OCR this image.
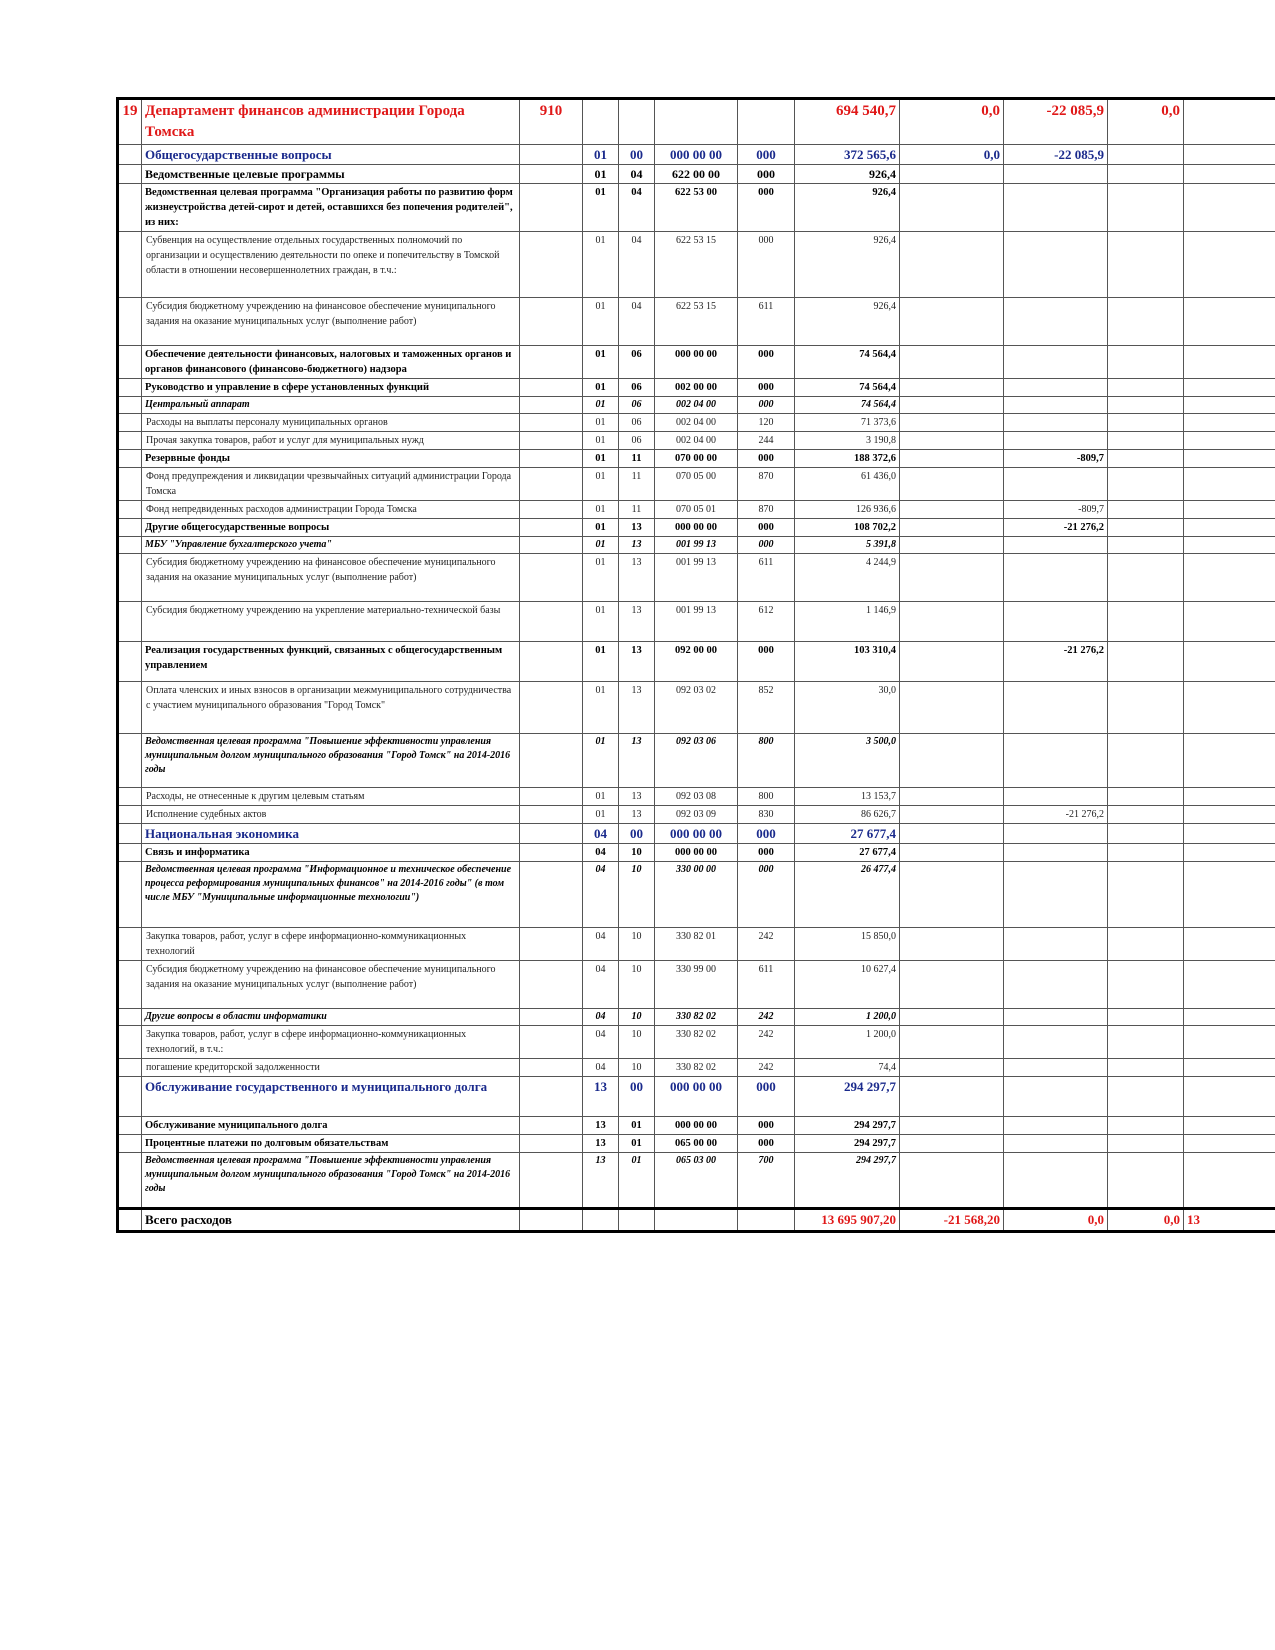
19	Департамент финансов администрации Города Томска	910					694 540,7	0,0	-22 085,9	0,0	
	Общегосударственные вопросы		01	00	000 00 00	000	372 565,6	0,0	-22 085,9		
	Ведомственные целевые программы		01	04	622 00 00	000	926,4				
	Ведомственная целевая программа "Организация работы по развитию форм жизнеустройства детей-сирот и детей, оставшихся без попечения родителей", из них:		01	04	622 53 00	000	926,4				
	Субвенция на осуществление отдельных государственных полномочий по организации и осуществлению деятельности по опеке и попечительству в Томской области в отношении несовершеннолетних граждан, в т.ч.:		01	04	622 53 15	000	926,4				
	Субсидия бюджетному учреждению на финансовое обеспечение муниципального задания на оказание муниципальных услуг (выполнение работ)		01	04	622 53 15	611	926,4				
	Обеспечение деятельности финансовых, налоговых и таможенных органов и органов финансового (финансово-бюджетного) надзора		01	06	000 00 00	000	74 564,4				
	Руководство и управление в сфере установленных функций		01	06	002 00 00	000	74 564,4				
	Центральный аппарат		01	06	002 04 00	000	74 564,4				
	Расходы на выплаты персоналу муниципальных органов		01	06	002 04 00	120	71 373,6				
	Прочая закупка товаров, работ и услуг для муниципальных нужд		01	06	002 04 00	244	3 190,8				
	Резервные фонды		01	11	070 00 00	000	188 372,6		-809,7		
	Фонд предупреждения и ликвидации чрезвычайных ситуаций администрации Города Томска		01	11	070 05 00	870	61 436,0				
	Фонд непредвиденных расходов администрации Города Томска		01	11	070 05 01	870	126 936,6		-809,7		
	Другие общегосударственные вопросы		01	13	000 00 00	000	108 702,2		-21 276,2		
	МБУ "Управление бухгалтерского учета"		01	13	001 99 13	000	5 391,8				
	Субсидия бюджетному учреждению на финансовое обеспечение муниципального задания на оказание муниципальных услуг (выполнение работ)		01	13	001 99 13	611	4 244,9				
	Субсидия бюджетному учреждению на укрепление материально-технической базы		01	13	001 99 13	612	1 146,9				
	Реализация государственных функций, связанных с общегосударственным управлением		01	13	092 00 00	000	103 310,4		-21 276,2		
	Оплата членских и иных взносов в организации межмуниципального сотрудничества с участием муниципального образования "Город Томск"		01	13	092 03 02	852	30,0				
	Ведомственная целевая программа "Повышение эффективности управления муниципальным долгом муниципального образования "Город Томск" на 2014-2016 годы		01	13	092 03 06	800	3 500,0				
	Расходы, не отнесенные к другим целевым статьям		01	13	092 03 08	800	13 153,7				
	Исполнение судебных актов		01	13	092 03 09	830	86 626,7		-21 276,2		
	Национальная экономика		04	00	000 00 00	000	27 677,4				
	Связь и информатика		04	10	000 00 00	000	27 677,4				
	Ведомственная целевая программа "Информационное и техническое обеспечение процесса реформирования муниципальных финансов" на 2014-2016 годы" (в том числе МБУ "Муниципальные информационные технологии")		04	10	330 00 00	000	26 477,4				
	Закупка товаров, работ, услуг в сфере информационно-коммуникационных технологий		04	10	330 82 01	242	15 850,0				
	Субсидия бюджетному учреждению на финансовое обеспечение муниципального задания на оказание муниципальных услуг (выполнение работ)		04	10	330 99 00	611	10 627,4				
	Другие вопросы в области информатики		04	10	330 82 02	242	1 200,0				
	Закупка товаров, работ, услуг в сфере информационно-коммуникационных технологий, в т.ч.:		04	10	330 82 02	242	1 200,0				
	погашение кредиторской задолженности		04	10	330 82 02	242	74,4				
	Обслуживание государственного и муниципального долга		13	00	000 00 00	000	294 297,7				
	Обслуживание муниципального долга		13	01	000 00 00	000	294 297,7				
	Процентные платежи по долговым обязательствам		13	01	065 00 00	000	294 297,7				
	Ведомственная целевая программа "Повышение эффективности управления муниципальным долгом муниципального образования "Город Томск" на 2014-2016 годы		13	01	065 03 00	700	294 297,7				
	Всего расходов						13 695 907,20	-21 568,20	0,0	0,0	13
